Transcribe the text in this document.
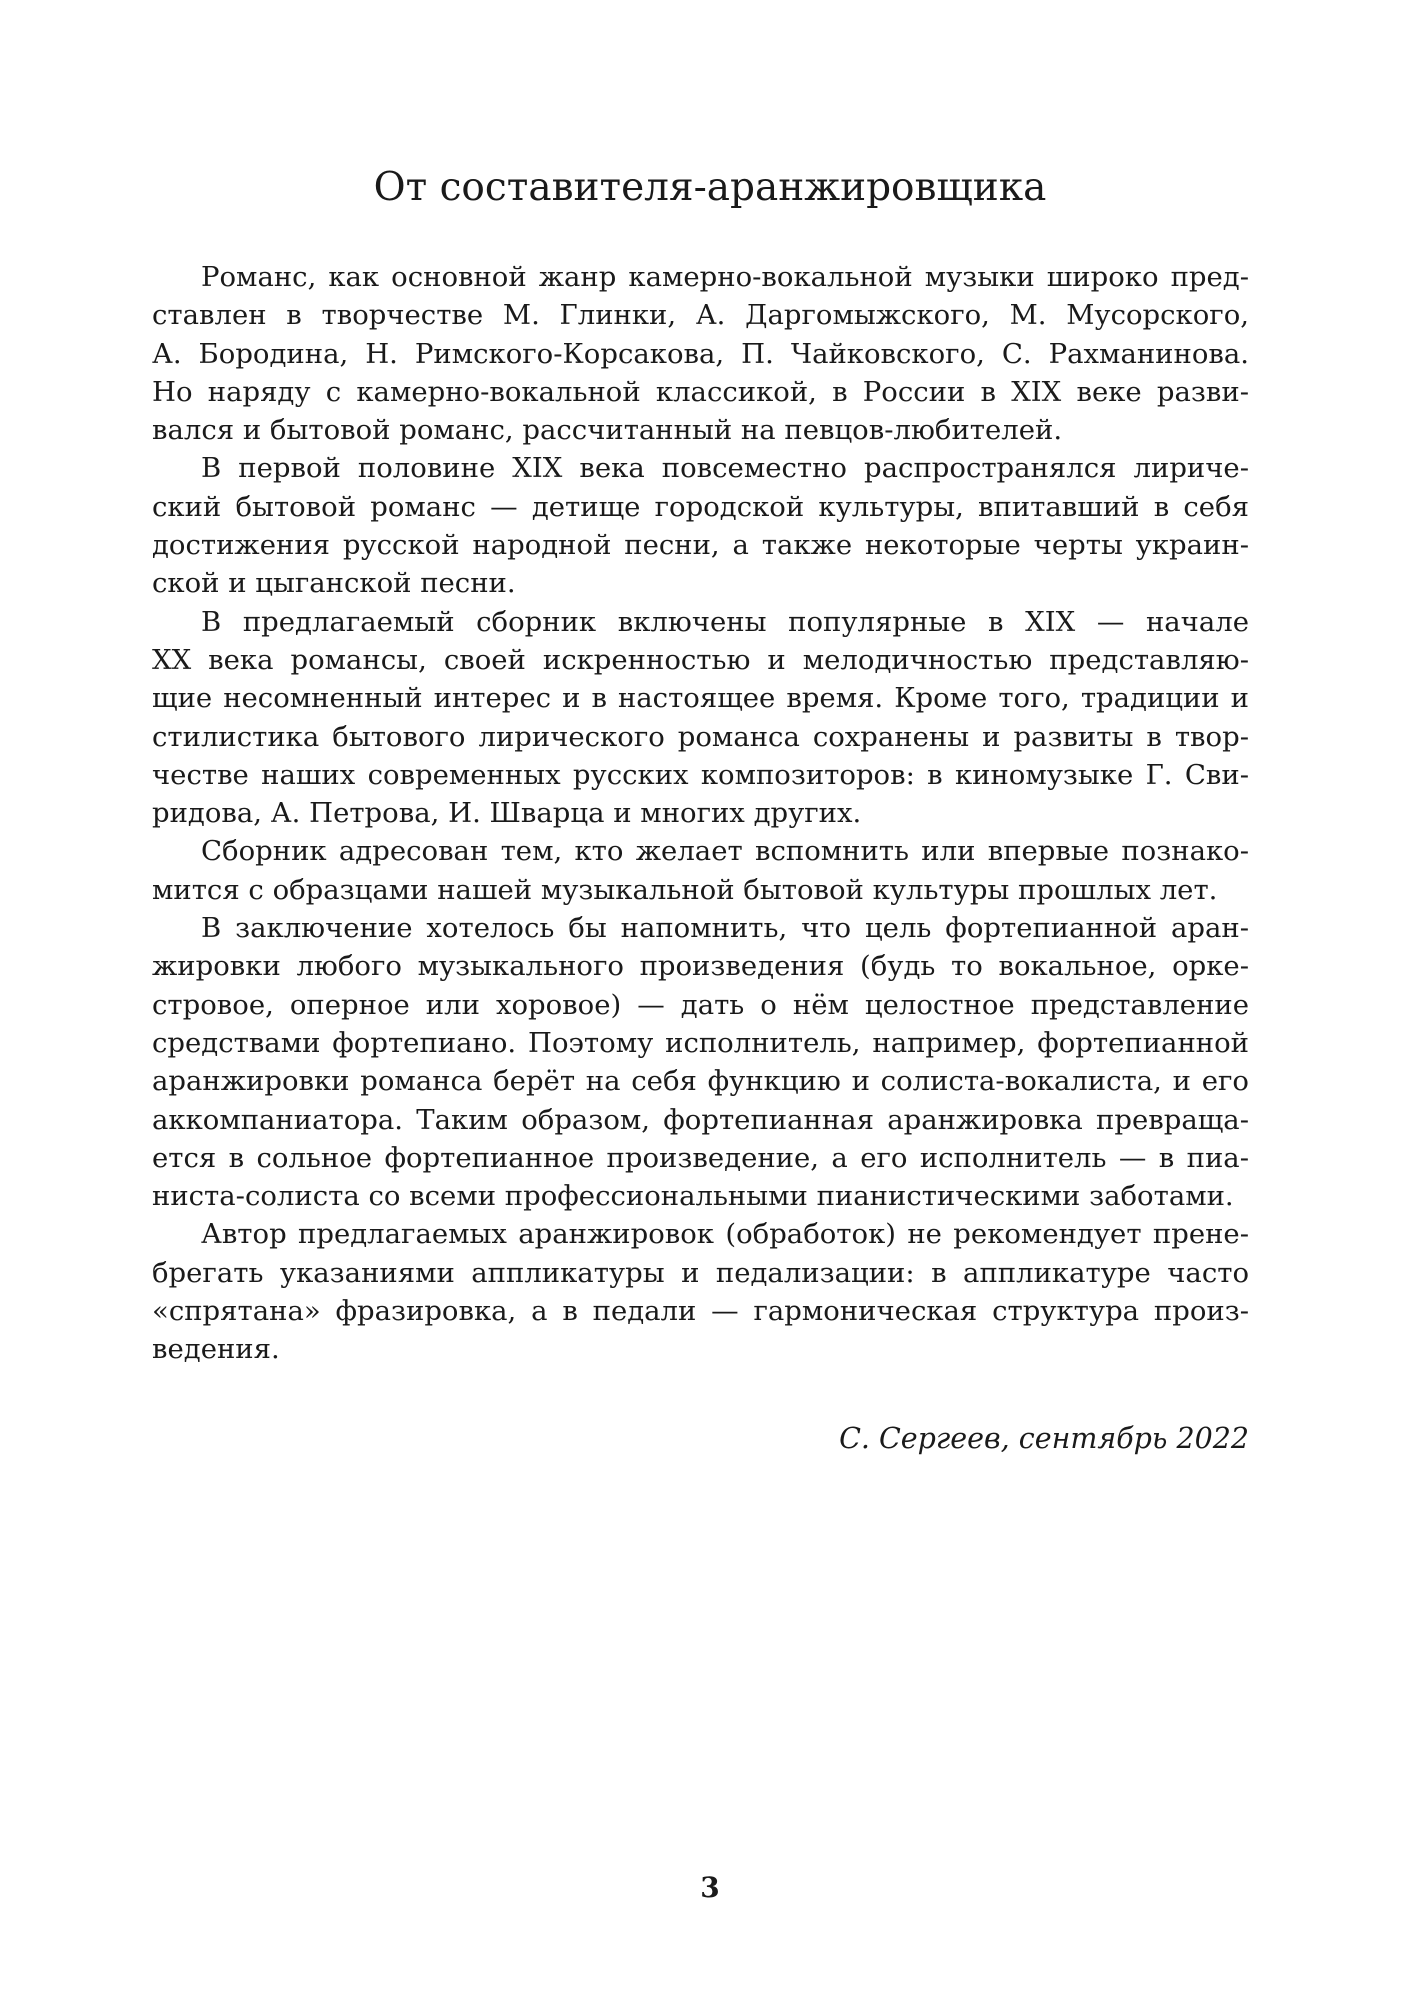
От составителя-аранжировщика
Романс, как основной жанр камерно-вокальной музыки широко пред-
ставлен в творчестве М. Глинки, А. Даргомыжского, М. Мусорского,
А. Бородина, Н. Римского-Корсакова, П. Чайковского, С. Рахманинова.
Но наряду с камерно-вокальной классикой, в России в XIX веке разви-
вался и бытовой романс, рассчитанный на певцов-любителей.
В первой половине XIX века повсеместно распространялся лириче-
ский бытовой романс — детище городской культуры, впитавший в себя
достижения русской народной песни, а также некоторые черты украин-
ской и цыганской песни.
В предлагаемый сборник включены популярные в XIX — начале
XX века романсы, своей искренностью и мелодичностью представляю-
щие несомненный интерес и в настоящее время. Кроме того, традиции и
стилистика бытового лирического романса сохранены и развиты в твор-
честве наших современных русских композиторов: в киномузыке Г. Сви-
ридова, А. Петрова, И. Шварца и многих других.
Сборник адресован тем, кто желает вспомнить или впервые познако-
мится с образцами нашей музыкальной бытовой культуры прошлых лет.
В заключение хотелось бы напомнить, что цель фортепианной аран-
жировки любого музыкального произведения (будь то вокальное, орке-
стровое, оперное или хоровое) — дать о нём целостное представление
средствами фортепиано. Поэтому исполнитель, например, фортепианной
аранжировки романса берёт на себя функцию и солиста-вокалиста, и его
аккомпаниатора. Таким образом, фортепианная аранжировка превраща-
ется в сольное фортепианное произведение, а его исполнитель — в пиа-
ниста-солиста со всеми профессиональными пианистическими заботами.
Автор предлагаемых аранжировок (обработок) не рекомендует прене-
брегать указаниями аппликатуры и педализации: в аппликатуре часто
«спрятана» фразировка, а в педали — гармоническая структура произ-
ведения.
С. Сергеев, сентябрь 2022
3
